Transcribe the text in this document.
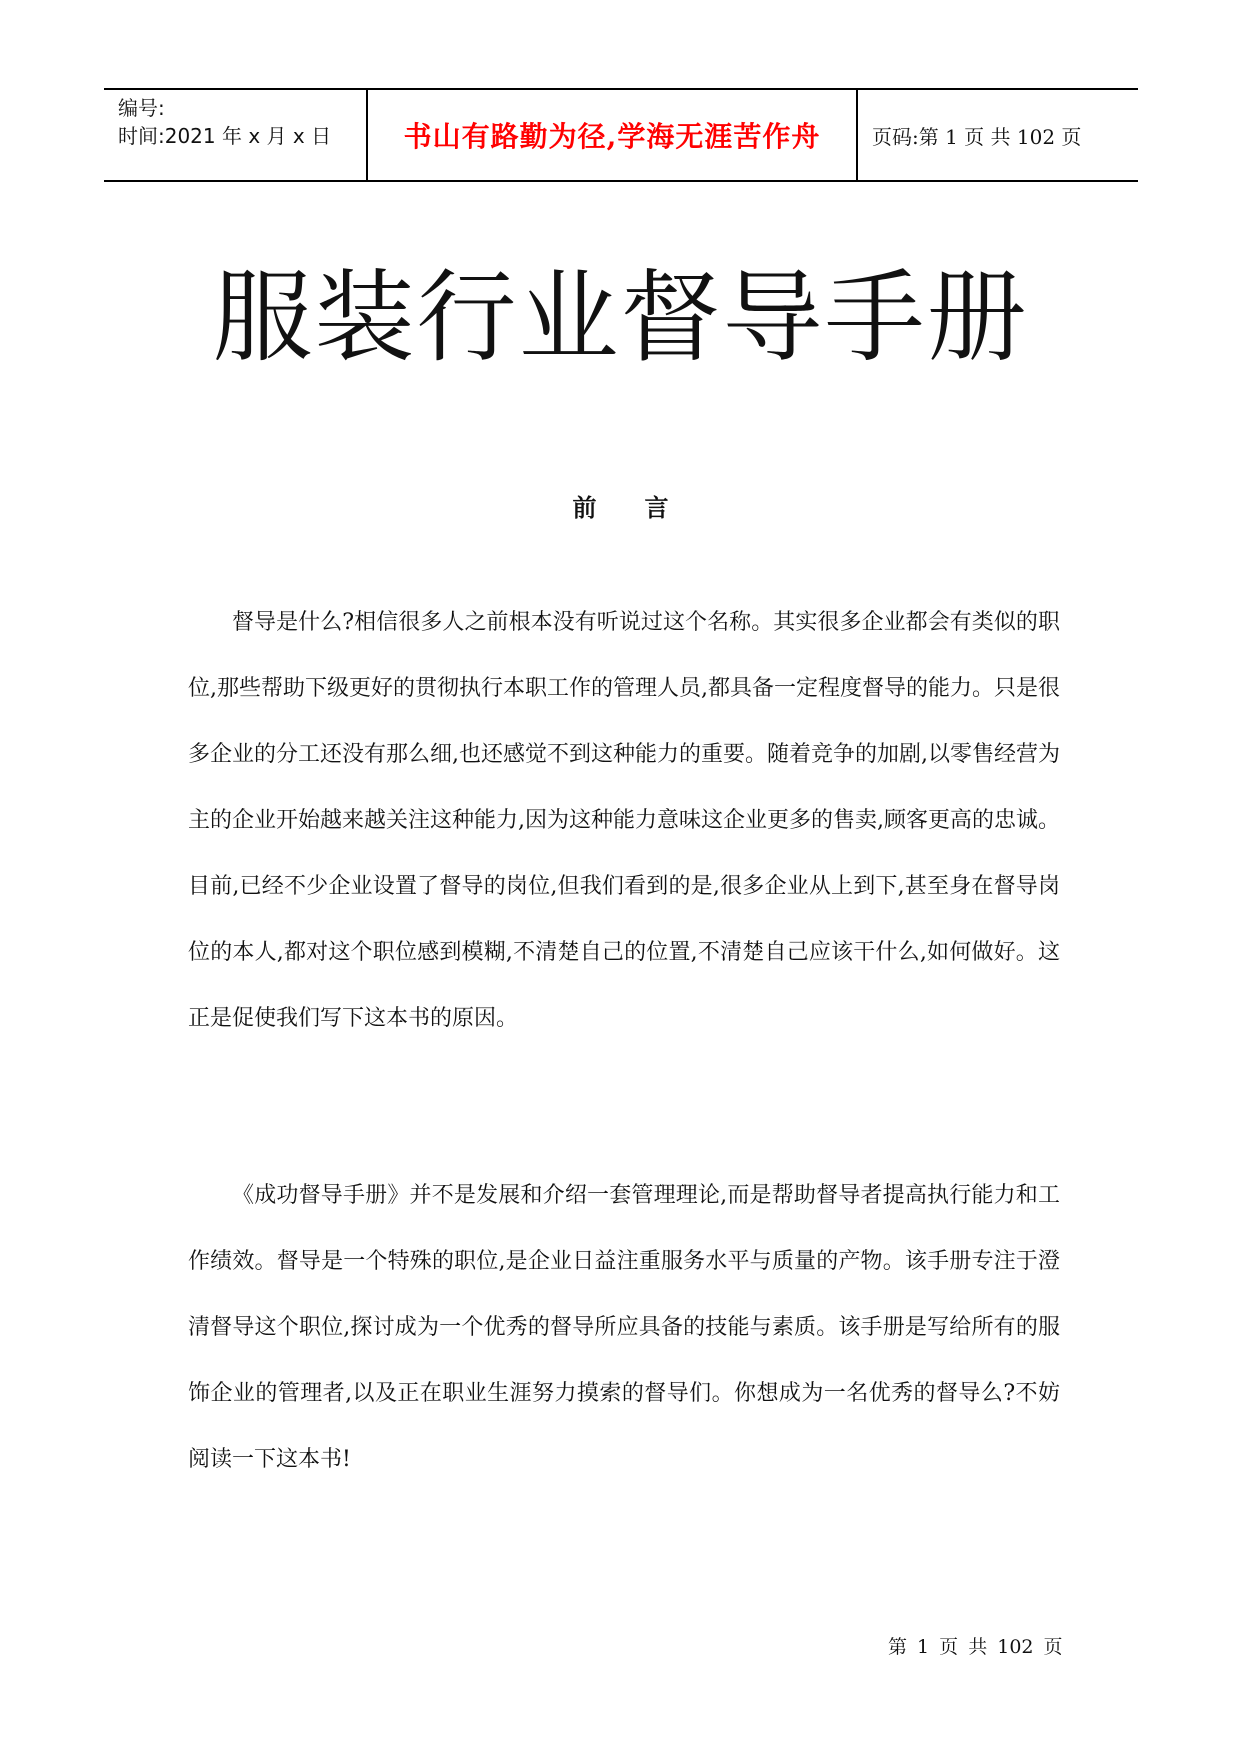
编号:
时间:2021 年 x 月 x 日	书山有路勤为径,学海无涯苦作舟	页码:第 1 页 共 102 页
服装行业督导手册
前言

督导是什么?相信很多人之前根本没有听说过这个名称。其实很多企业都会有类似的职位,那些帮助下级更好的贯彻执行本职工作的管理人员,都具备一定程度督导的能力。只是很多企业的分工还没有那么细,也还感觉不到这种能力的重要。随着竞争的加剧,以零售经营为主的企业开始越来越关注这种能力,因为这种能力意味这企业更多的售卖,顾客更高的忠诚。目前,已经不少企业设置了督导的岗位,但我们看到的是,很多企业从上到下,甚至身在督导岗位的本人,都对这个职位感到模糊,不清楚自己的位置,不清楚自己应该干什么,如何做好。这正是促使我们写下这本书的原因。

《成功督导手册》并不是发展和介绍一套管理理论,而是帮助督导者提高执行能力和工作绩效。督导是一个特殊的职位,是企业日益注重服务水平与质量的产物。该手册专注于澄清督导这个职位,探讨成为一个优秀的督导所应具备的技能与素质。该手册是写给所有的服饰企业的管理者,以及正在职业生涯努力摸索的督导们。你想成为一名优秀的督导么?不妨阅读一下这本书!

第 1 页 共 102 页
